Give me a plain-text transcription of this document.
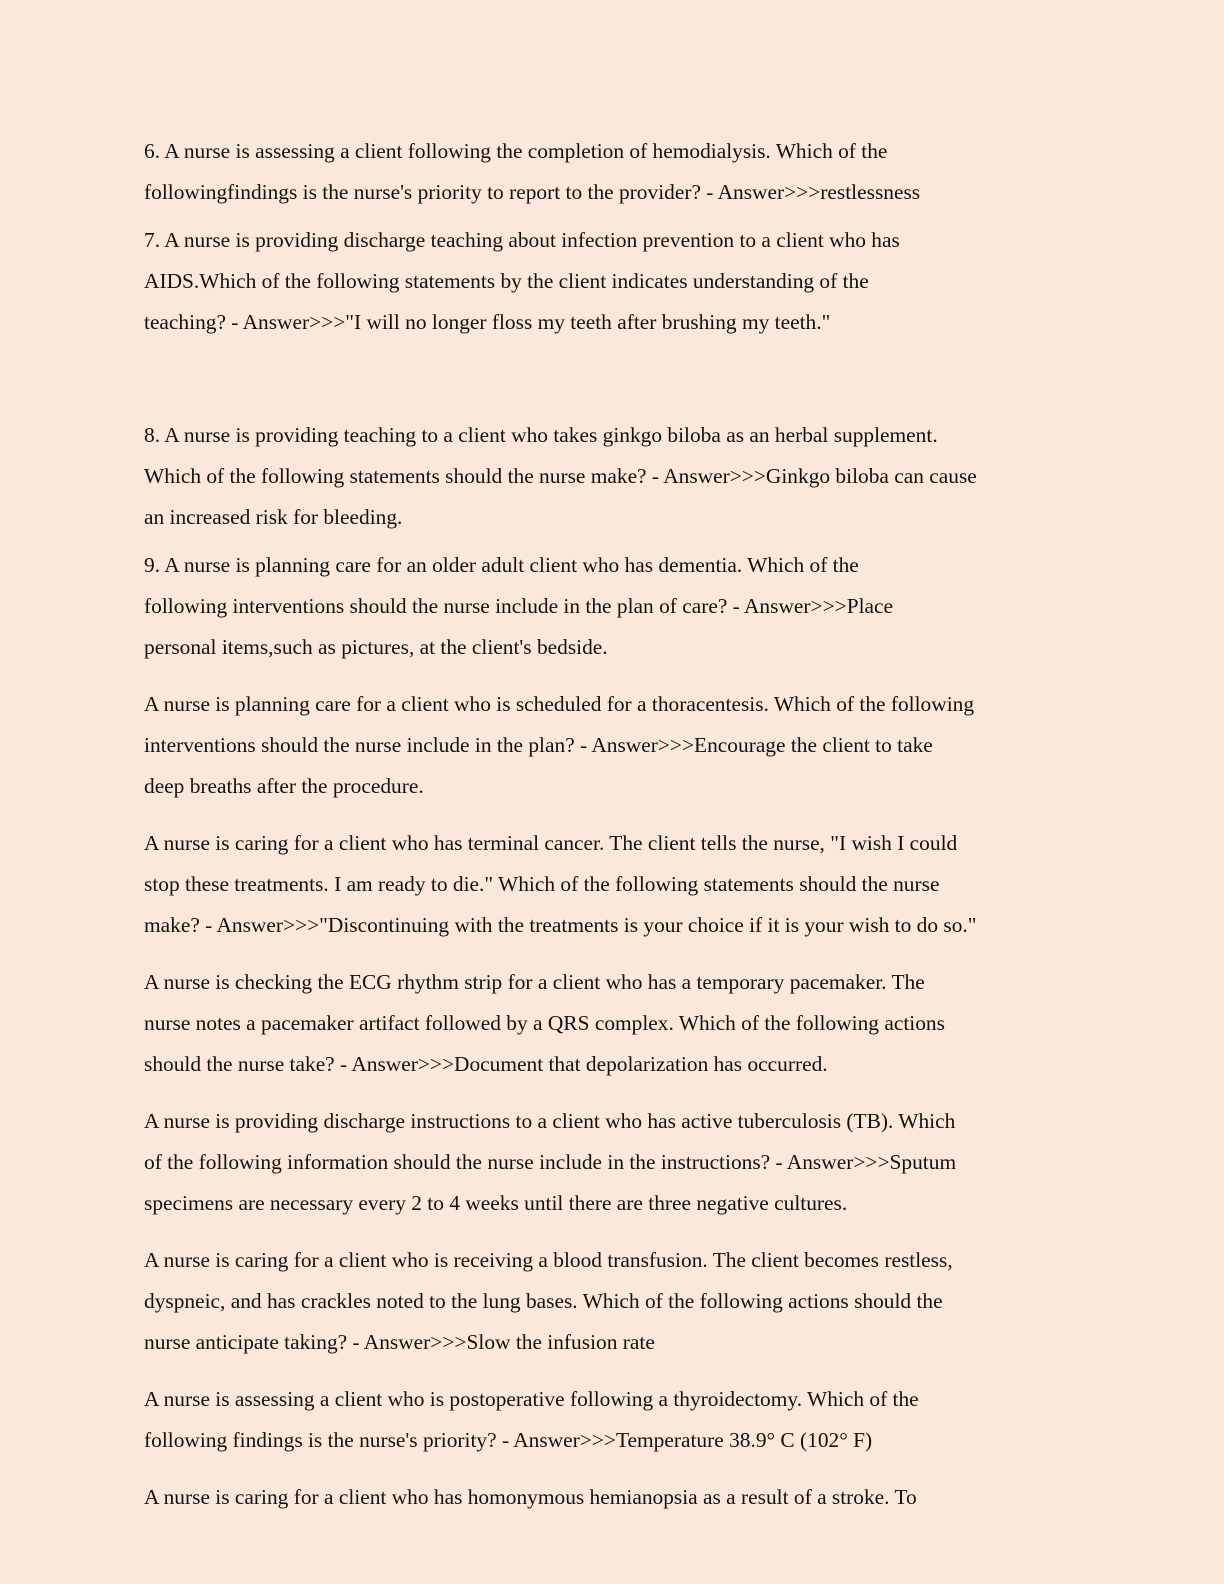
6. A nurse is assessing a client following the completion of hemodialysis. Which of the
followingfindings is the nurse's priority to report to the provider? - Answer>>>restlessness

7. A nurse is providing discharge teaching about infection prevention to a client who has
AIDS.Which of the following statements by the client indicates understanding of the
teaching? - Answer>>>"I will no longer floss my teeth after brushing my teeth."

8. A nurse is providing teaching to a client who takes ginkgo biloba as an herbal supplement.
Which of the following statements should the nurse make? - Answer>>>Ginkgo biloba can cause
an increased risk for bleeding.

9. A nurse is planning care for an older adult client who has dementia. Which of the
following interventions should the nurse include in the plan of care? - Answer>>>Place
personal items,such as pictures, at the client's bedside.

A nurse is planning care for a client who is scheduled for a thoracentesis. Which of the following
interventions should the nurse include in the plan? - Answer>>>Encourage the client to take
deep breaths after the procedure.

A nurse is caring for a client who has terminal cancer. The client tells the nurse, "I wish I could
stop these treatments. I am ready to die." Which of the following statements should the nurse
make? - Answer>>>"Discontinuing with the treatments is your choice if it is your wish to do so."

A nurse is checking the ECG rhythm strip for a client who has a temporary pacemaker. The
nurse notes a pacemaker artifact followed by a QRS complex. Which of the following actions
should the nurse take? - Answer>>>Document that depolarization has occurred.

A nurse is providing discharge instructions to a client who has active tuberculosis (TB). Which
of the following information should the nurse include in the instructions? - Answer>>>Sputum
specimens are necessary every 2 to 4 weeks until there are three negative cultures.

A nurse is caring for a client who is receiving a blood transfusion. The client becomes restless,
dyspneic, and has crackles noted to the lung bases. Which of the following actions should the
nurse anticipate taking? - Answer>>>Slow the infusion rate

A nurse is assessing a client who is postoperative following a thyroidectomy. Which of the
following findings is the nurse's priority? - Answer>>>Temperature 38.9° C (102° F)

A nurse is caring for a client who has homonymous hemianopsia as a result of a stroke. To
